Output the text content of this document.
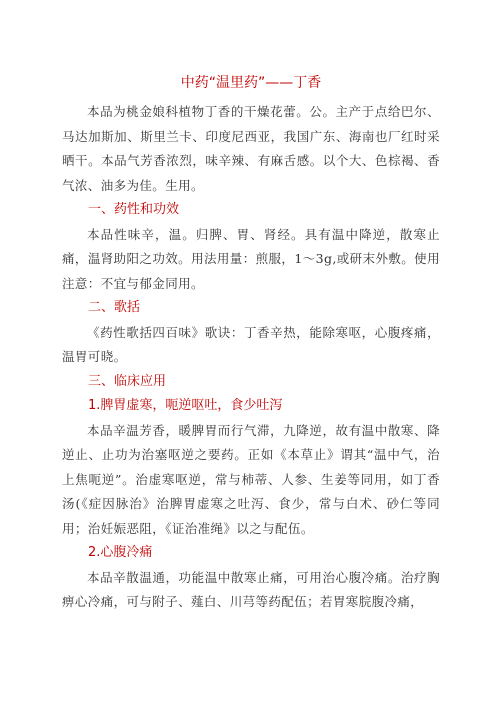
中药“温里药”——丁香

本品为桃金娘科植物丁香的干燥花蕾。公。主产于点给巴尔、马达加斯加、斯里兰卡、印度尼西亚，我国广东、海南也厂红时采晒干。本品气芳香浓烈，味辛辣、有麻舌感。以个大、色棕褐、香气浓、油多为佳。生用。

一、药性和功效

本品性味辛，温。归脾、胃、肾经。具有温中降逆，散寒止痛，温肾助阳之功效。用法用量：煎服，1～3g,或研末外敷。使用注意：不宜与郁金同用。

二、歌括

《药性歌括四百味》歌诀：丁香辛热，能除寒呕，心腹疼痛，温胃可晓。

三、临床应用
1.脾胃虚寒，呃逆呕吐，食少吐泻

本品辛温芳香，暖脾胃而行气滞，九降逆，故有温中散寒、降逆止、止功为治塞呕逆之要药。正如《本草止》谓其“温中气，治上焦呃逆”。治虚寒呕逆，常与柿蒂、人参、生姜等同用，如丁香汤(《症因脉治》治脾胃虚寒之吐泻、食少，常与白术、砂仁等同用；治妊娠恶阻，《证治准绳》以之与配伍。

2.心腹冷痛

本品辛散温通，功能温中散寒止痛，可用治心腹冷痛。治疗胸痹心冷痛，可与附子、薤白、川芎等药配伍；若胃寒脘腹冷痛，
